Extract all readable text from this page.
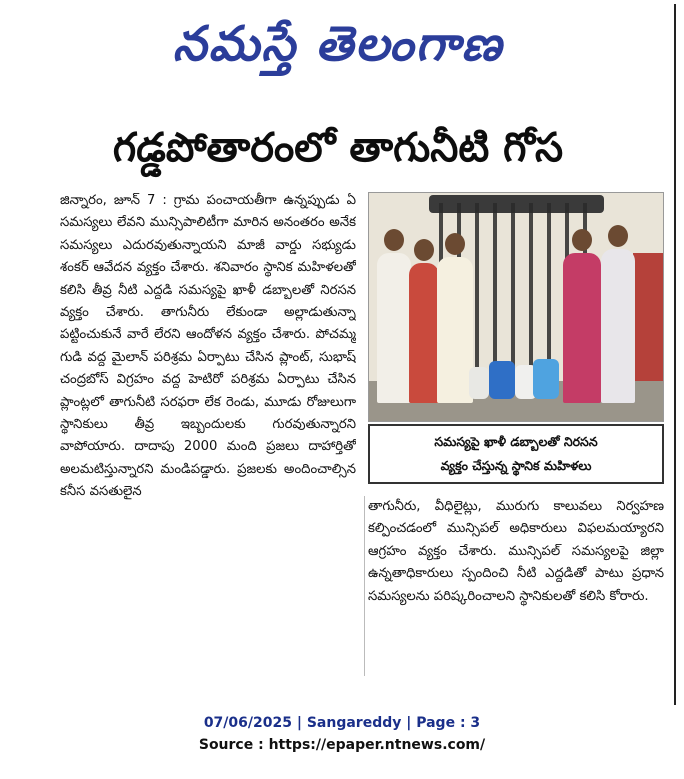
నమస్తే తెలంగాణ
గడ్డపోతారంలో తాగునీటి గోస

జిన్నారం, జూన్ 7 : గ్రామ పంచాయతీగా ఉన్నప్పుడు ఏ సమస్యలు లేవని మున్సిపాలిటీగా మారిన అనంతరం అనేక సమస్యలు ఎదురవుతున్నాయని మాజీ వార్డు సభ్యుడు శంకర్ ఆవేదన వ్యక్తం చేశారు. శనివారం స్థానిక మహిళలతో కలిసి తీవ్ర నీటి ఎద్దడి సమస్యపై ఖాళీ డబ్బాలతో నిరసన వ్యక్తం చేశారు. తాగునీరు లేకుండా అల్లాడుతున్నా పట్టించుకునే వారే లేరని ఆందోళన వ్యక్తం చేశారు. పోచమ్మ గుడి వద్ద మైలాన్ పరిశ్రమ ఏర్పాటు చేసిన ప్లాంట్, సుభాష్ చంద్రబోస్ విగ్రహం వద్ద హెటిరో పరిశ్రమ ఏర్పాటు చేసిన ప్లాంట్లలో తాగునీటి సరఫరా లేక రెండు, మూడు రోజులుగా స్థానికులు తీవ్ర ఇబ్బందులకు గురవుతున్నారని వాపోయారు. దాదాపు 2000 మంది ప్రజలు దాహార్తితో అలమటిస్తున్నారని మండిపడ్డారు. ప్రజలకు అందించాల్సిన కనీస వసతులైన

సమస్యపై ఖాళీ డబ్బాలతో నిరసన
వ్యక్తం చేస్తున్న స్థానిక మహిళలు

తాగునీరు, వీధిలైట్లు, మురుగు కాలువలు నిర్వహణ కల్పించడంలో మున్సిపల్ అధికారులు విఫలమయ్యారని ఆగ్రహం వ్యక్తం చేశారు. మున్సిపల్ సమస్యలపై జిల్లా ఉన్నతాధికారులు స్పందించి నీటి ఎద్దడితో పాటు ప్రధాన సమస్యలను పరిష్కరించాలని స్థానికులతో కలిసి కోరారు.

07/06/2025 | Sangareddy | Page : 3
Source : https://epaper.ntnews.com/
